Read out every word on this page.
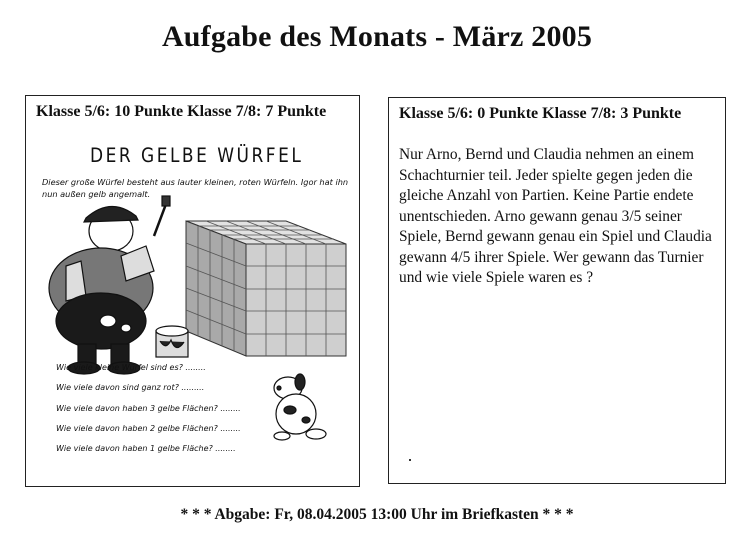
Aufgabe des Monats - März 2005
Klasse 5/6: 10 Punkte Klasse 7/8: 7 Punkte
DER GELBE WÜRFEL

Dieser große Würfel besteht aus lauter kleinen, roten Würfeln. Igor hat ihn nun außen gelb angemalt.

Wie viele kleine Würfel sind es? ........
Wie viele davon sind ganz rot? .........
Wie viele davon haben 3 gelbe Flächen? ........
Wie viele davon haben 2 gelbe Flächen? ........
Wie viele davon haben 1 gelbe Fläche? ........
Klasse 5/6: 0 Punkte Klasse 7/8: 3 Punkte

Nur Arno, Bernd und Claudia nehmen an einem Schachturnier teil. Jeder spielte gegen jeden die gleiche Anzahl von Partien. Keine Partie endete unentschieden. Arno gewann genau 3/5 seiner Spiele, Bernd gewann genau ein Spiel und Claudia gewann 4/5 ihrer Spiele. Wer gewann das Turnier und wie viele Spiele waren es ?

* * * Abgabe: Fr, 08.04.2005 13:00 Uhr im Briefkasten * * *
